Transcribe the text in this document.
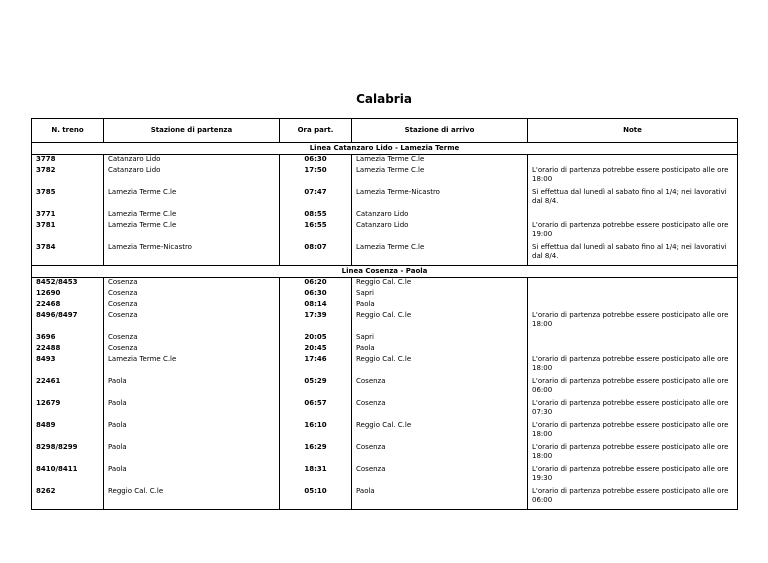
Calabria
N. treno	Stazione di partenza	Ora part.	Stazione di arrivo	Note
Linea Catanzaro Lido - Lamezia Terme				
3778	Catanzaro Lido	06:30	Lamezia Terme C.le	
3782	Catanzaro Lido	17:50	Lamezia Terme C.le	L'orario di partenza potrebbe essere posticipato alle ore 18:00
3785	Lamezia Terme C.le	07:47	Lamezia Terme-Nicastro	Si effettua dal lunedì al sabato fino al 1/4; nei lavorativi dal 8/4.
3771	Lamezia Terme C.le	08:55	Catanzaro Lido	
3781	Lamezia Terme C.le	16:55	Catanzaro Lido	L'orario di partenza potrebbe essere posticipato alle ore 19:00
3784	Lamezia Terme-Nicastro	08:07	Lamezia Terme C.le	Si effettua dal lunedì al sabato fino al 1/4; nei lavorativi dal 8/4.
Linea Cosenza - Paola				
8452/8453	Cosenza	06:20	Reggio Cal. C.le	
12690	Cosenza	06:30	Sapri	
22468	Cosenza	08:14	Paola	
8496/8497	Cosenza	17:39	Reggio Cal. C.le	L'orario di partenza potrebbe essere posticipato alle ore 18:00
3696	Cosenza	20:05	Sapri	
22488	Cosenza	20:45	Paola	
8493	Lamezia Terme C.le	17:46	Reggio Cal. C.le	L'orario di partenza potrebbe essere posticipato alle ore 18:00
22461	Paola	05:29	Cosenza	L'orario di partenza potrebbe essere posticipato alle ore 06:00
12679	Paola	06:57	Cosenza	L'orario di partenza potrebbe essere posticipato alle ore 07:30
8489	Paola	16:10	Reggio Cal. C.le	L'orario di partenza potrebbe essere posticipato alle ore 18:00
8298/8299	Paola	16:29	Cosenza	L'orario di partenza potrebbe essere posticipato alle ore 18:00
8410/8411	Paola	18:31	Cosenza	L'orario di partenza potrebbe essere posticipato alle ore 19:30
8262	Reggio Cal. C.le	05:10	Paola	L'orario di partenza potrebbe essere posticipato alle ore 06:00
